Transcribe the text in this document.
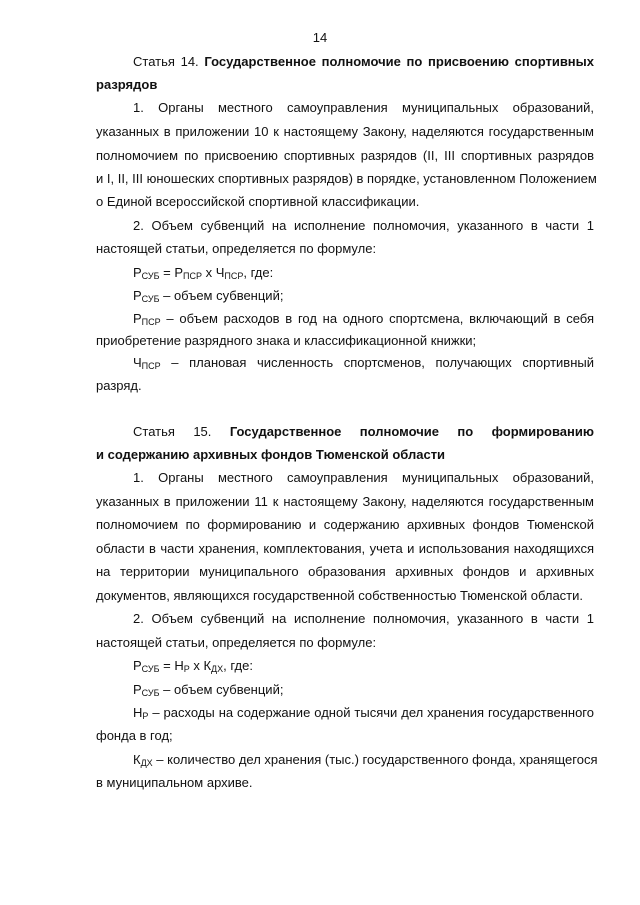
14
Статья 14. Государственное полномочие по присвоению спортивных
разрядов
1. Органы местного самоуправления муниципальных образований,
указанных в приложении 10 к настоящему Закону, наделяются государственным
полномочием по присвоению спортивных разрядов (II, III спортивных разрядов
и I, II, III юношеских спортивных разрядов) в порядке, установленном Положением
о Единой всероссийской спортивной классификации.
2. Объем субвенций на исполнение полномочия, указанного в части 1
настоящей статьи, определяется по формуле:
$Р_{СУБ} = Р_{ПСР}$ x $Ч_{ПСР}$, где:
$Р_{СУБ}$ – объем субвенций;
$Р_{ПСР}$ – объем расходов в год на одного спортсмена, включающий в себя
приобретение разрядного знака и классификационной книжки;
$Ч_{ПСР}$ – плановая численность спортсменов, получающих спортивный
разряд.
Статья 15. Государственное полномочие по формированию
и содержанию архивных фондов Тюменской области
1. Органы местного самоуправления муниципальных образований,
указанных в приложении 11 к настоящему Закону, наделяются государственным
полномочием по формированию и содержанию архивных фондов Тюменской
области в части хранения, комплектования, учета и использования находящихся
на территории муниципального образования архивных фондов и архивных
документов, являющихся государственной собственностью Тюменской области.
2. Объем субвенций на исполнение полномочия, указанного в части 1
настоящей статьи, определяется по формуле:
$Р_{СУБ} = Н_Р$ x $К_{ДХ}$, где:
$Р_{СУБ}$ – объем субвенций;
$Н_Р$ – расходы на содержание одной тысячи дел хранения государственного
фонда в год;
$К_{ДХ}$ – количество дел хранения (тыс.) государственного фонда, хранящегося
в муниципальном архиве.
